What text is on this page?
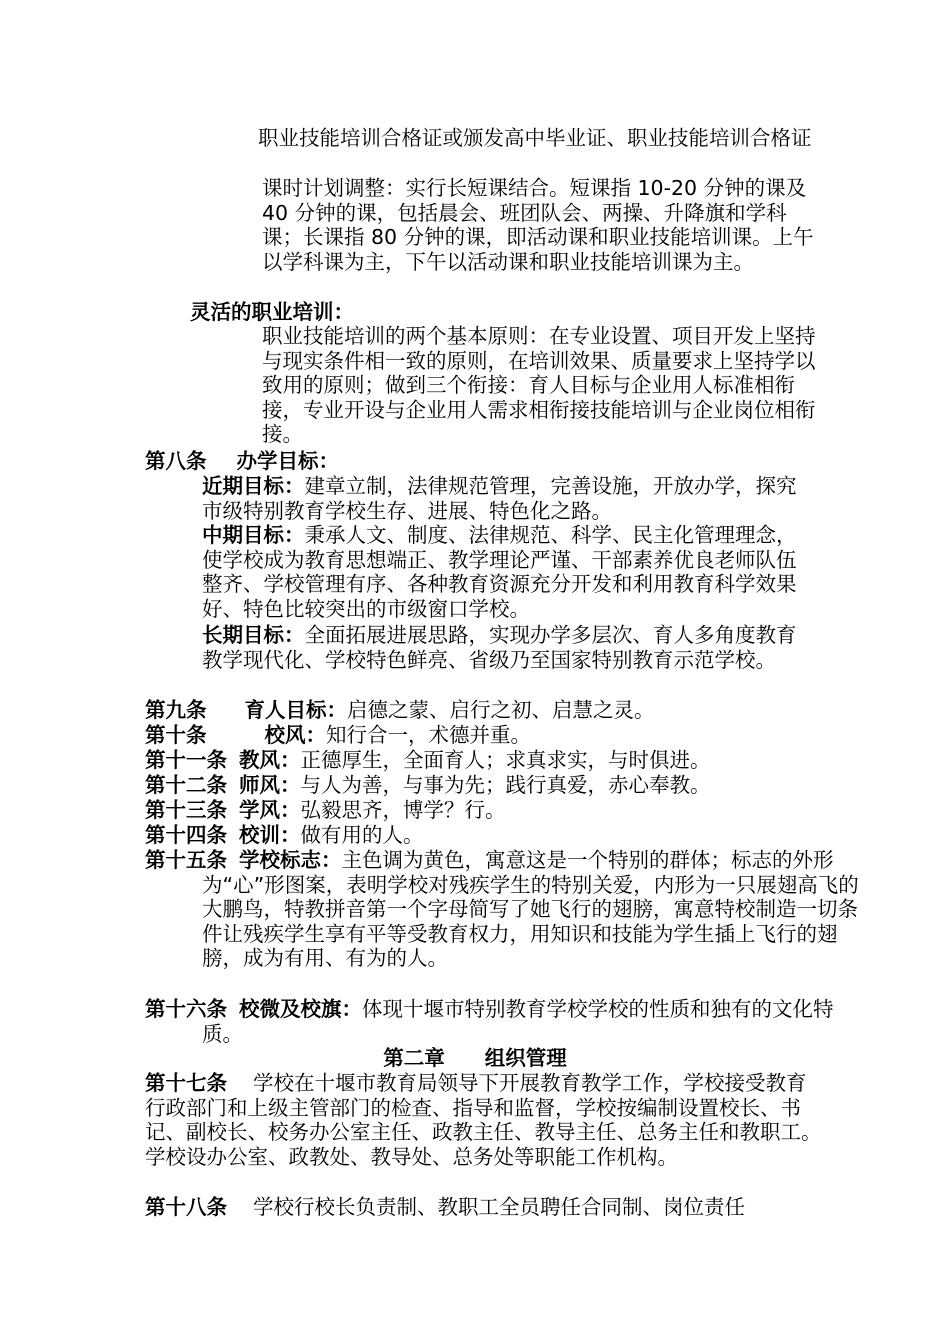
职业技能培训合格证或颁发高中毕业证、职业技能培训合格证

课时计划调整：实行长短课结合。短课指 10-20 分钟的课及 40 分钟的课，包括晨会、班团队会、两操、升降旗和学科课；长课指 80 分钟的课，即活动课和职业技能培训课。上午以学科课为主，下午以活动课和职业技能培训课为主。

灵活的职业培训：

职业技能培训的两个基本原则：在专业设置、项目开发上坚持与现实条件相一致的原则，在培训效果、质量要求上坚持学以致用的原则；做到三个衔接：育人目标与企业用人标准相衔接，专业开设与企业用人需求相衔接技能培训与企业岗位相衔接。

第八条 办学目标：

近期目标：建章立制，法律规范管理，完善设施，开放办学，探究市级特别教育学校生存、进展、特色化之路。

中期目标：秉承人文、制度、法律规范、科学、民主化管理理念，使学校成为教育思想端正、教学理论严谨、干部素养优良老师队伍整齐、学校管理有序、各种教育资源充分开发和利用教育科学效果好、特色比较突出的市级窗口学校。

长期目标：全面拓展进展思路，实现办学多层次、育人多角度教育教学现代化、学校特色鲜亮、省级乃至国家特别教育示范学校。

第九条 育人目标：启德之蒙、启行之初、启慧之灵。
第十条	校风：知行合一，术德并重。
第十一条 教风：正德厚生，全面育人；求真求实，与时俱进。
第十二条 师风：与人为善，与事为先；践行真爱，赤心奉教。
第十三条 学风：弘毅思齐，博学？行。
第十四条 校训：做有用的人。
第十五条 学校标志：主色调为黄色，寓意这是一个特别的群体；标志的外形为“心”形图案，表明学校对残疾学生的特别关爱，内形为一只展翅高飞的大鹏鸟，特教拼音第一个字母简写了她飞行的翅膀，寓意特校制造一切条件让残疾学生享有平等受教育权力，用知识和技能为学生插上飞行的翅膀，成为有用、有为的人。
第十六条 校微及校旗：体现十堰市特别教育学校学校的性质和独有的文化特质。
第二章 组织管理
第十七条 学校在十堰市教育局领导下开展教育教学工作，学校接受教育行政部门和上级主管部门的检查、指导和监督，学校按编制设置校长、书记、副校长、校务办公室主任、政教主任、教导主任、总务主任和教职工。学校设办公室、政教处、教导处、总务处等职能工作机构。
第十八条 学校行校长负责制、教职工全员聘任合同制、岗位责任
